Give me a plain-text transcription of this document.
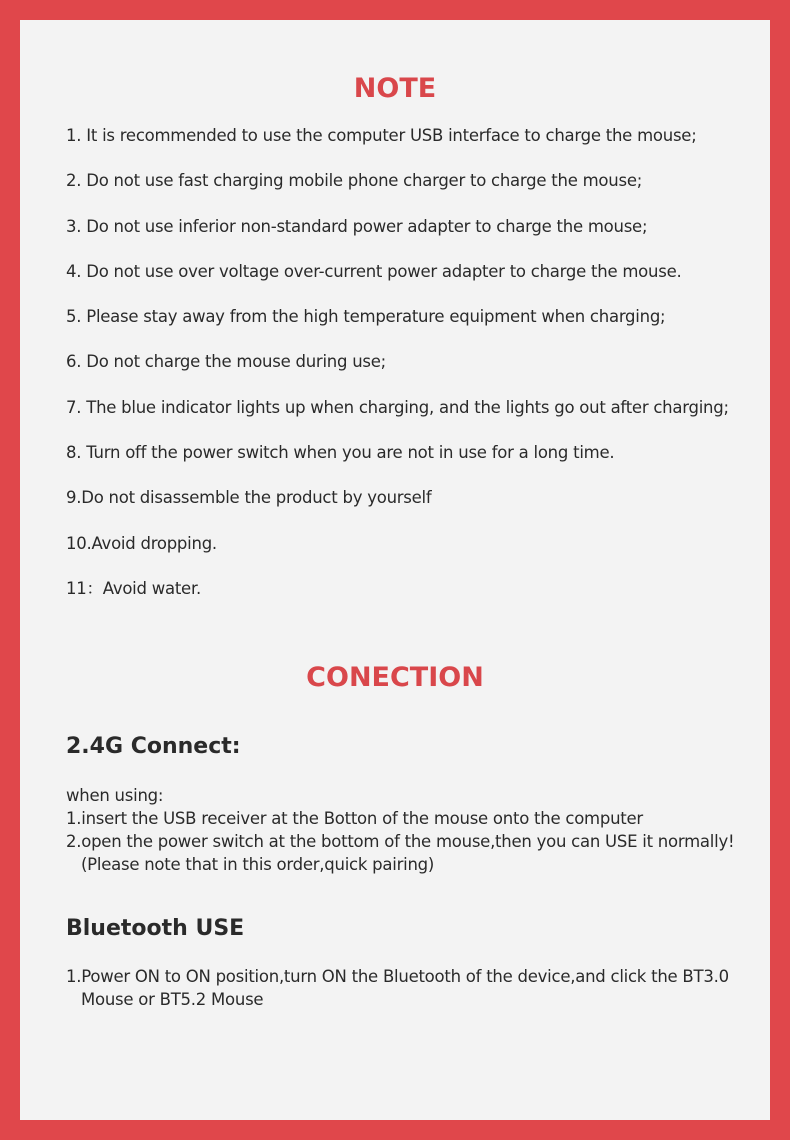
NOTE
1. It is recommended to use the computer USB interface to charge the mouse;
2. Do not use fast charging mobile phone charger to charge the mouse;
3. Do not use inferior non-standard power adapter to charge the mouse;
4. Do not use over voltage over-current power adapter to charge the mouse.
5. Please stay away from the high temperature equipment when charging;
6. Do not charge the mouse during use;
7. The blue indicator lights up when charging, and the lights go out after charging;
8. Turn off the power switch when you are not in use for a long time.
9.Do not disassemble the product by yourself
10.Avoid dropping.
11：Avoid water.
CONECTION
2.4G Connect:
when using:
1.insert the USB receiver at the Botton of the mouse onto the computer
2.open the power switch at the bottom of the mouse,then you can USE it normally!
(Please note that in this order,quick pairing)
Bluetooth USE
1.Power ON to ON position,turn ON the Bluetooth of the device,and click the BT3.0
Mouse or BT5.2 Mouse
